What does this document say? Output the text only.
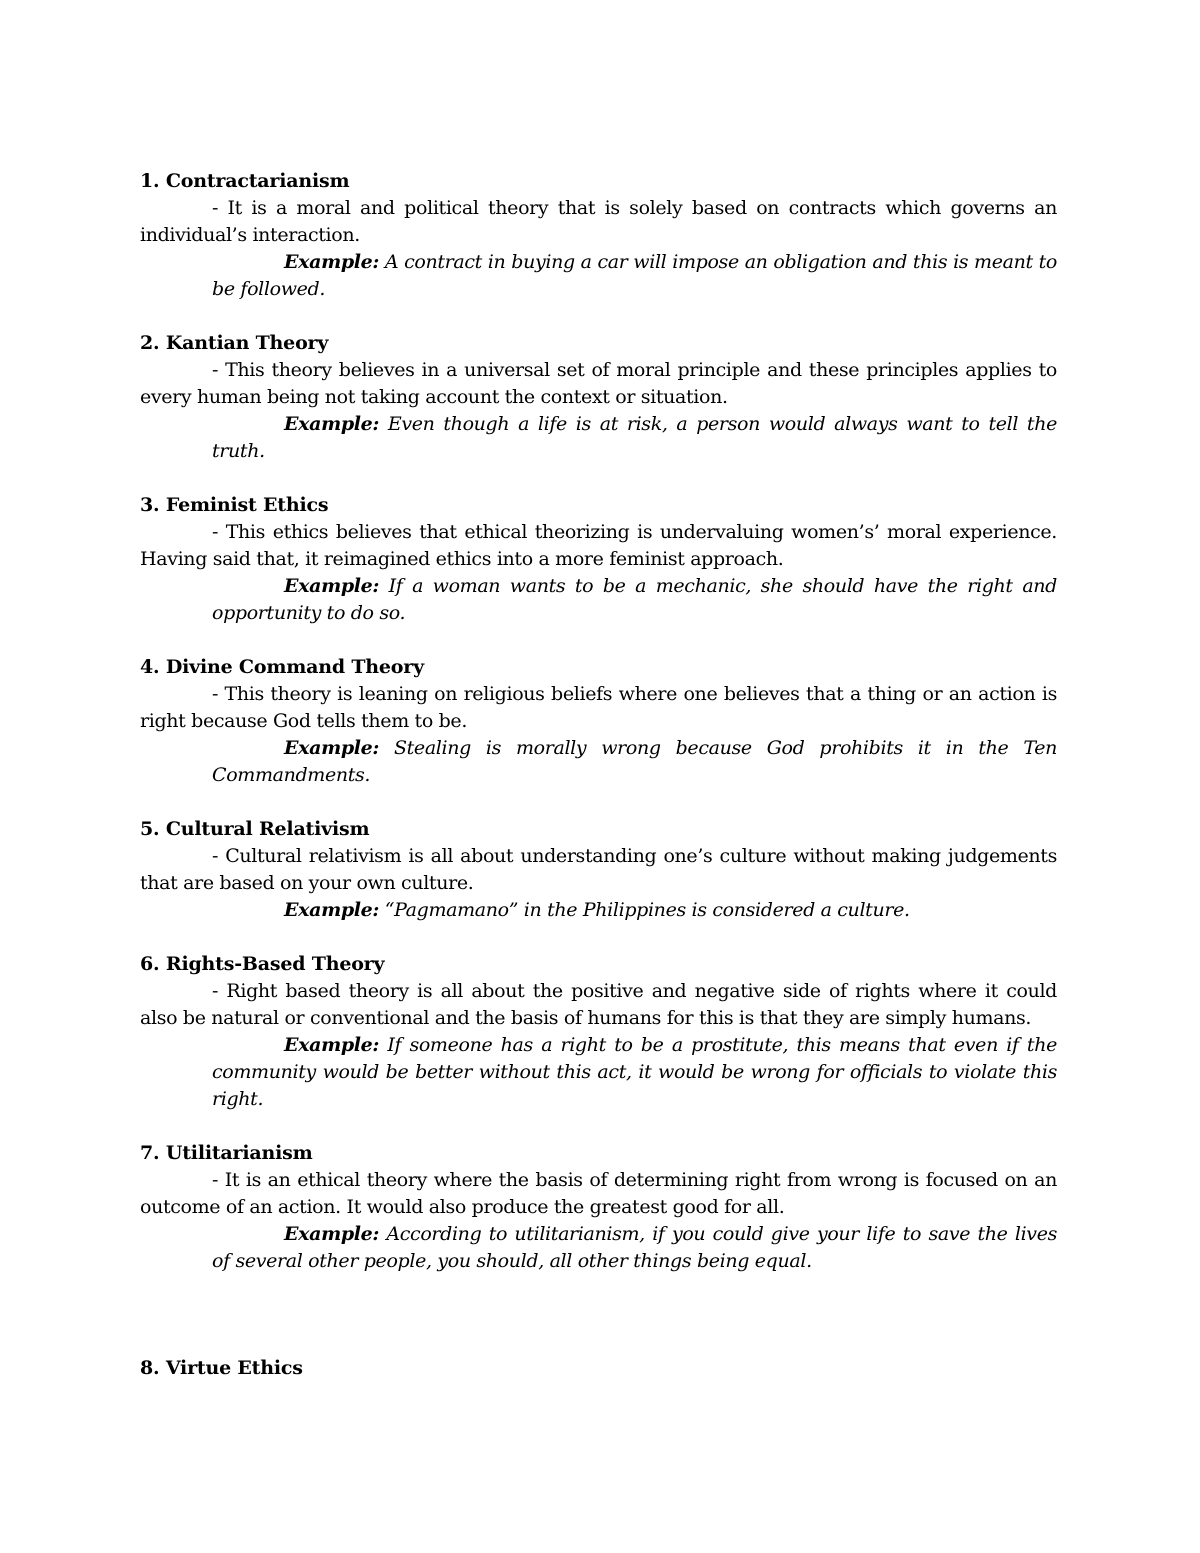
1. Contractarianism

- It is a moral and political theory that is solely based on contracts which governs an individual’s interaction.

Example: A contract in buying a car will impose an obligation and this is meant to be followed.

2. Kantian Theory

- This theory believes in a universal set of moral principle and these principles applies to every human being not taking account the context or situation.

Example: Even though a life is at risk, a person would always want to tell the truth.

3. Feminist Ethics

- This ethics believes that ethical theorizing is undervaluing women’s’ moral experience. Having said that, it reimagined ethics into a more feminist approach.

Example: If a woman wants to be a mechanic, she should have the right and opportunity to do so.

4. Divine Command Theory

- This theory is leaning on religious beliefs where one believes that a thing or an action is right because God tells them to be.

Example: Stealing is morally wrong because God prohibits it in the Ten Commandments.

5. Cultural Relativism

- Cultural relativism is all about understanding one’s culture without making judgements that are based on your own culture.

Example: “Pagmamano” in the Philippines is considered a culture.

6. Rights-Based Theory

- Right based theory is all about the positive and negative side of rights where it could also be natural or conventional and the basis of humans for this is that they are simply humans.

Example: If someone has a right to be a prostitute, this means that even if the community would be better without this act, it would be wrong for officials to violate this right.

7. Utilitarianism

- It is an ethical theory where the basis of determining right from wrong is focused on an outcome of an action. It would also produce the greatest good for all.

Example: According to utilitarianism, if you could give your life to save the lives of several other people, you should, all other things being equal.

8. Virtue Ethics
